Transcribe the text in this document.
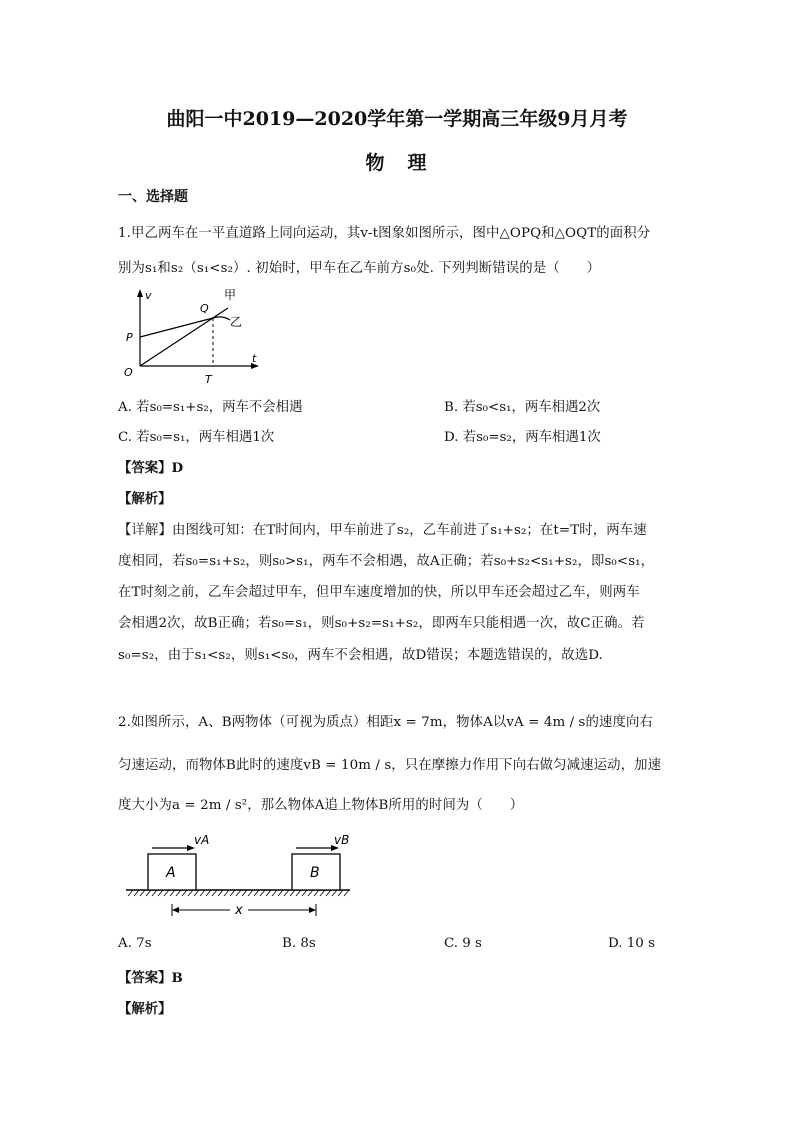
曲阳一中2019—2020学年第一学期高三年级9月月考
物　理
一、选择题
1.甲乙两车在一平直道路上同向运动，其v-t图象如图所示，图中△OPQ和△OQT的面积分
别为s₁和s₂（s₁<s₂）. 初始时，甲车在乙车前方s₀处. 下列判断错误的是（　　）
v
t
P
O
Q
T
甲
乙
A. 若s₀=s₁+s₂，两车不会相遇	B. 若s₀<s₁，两车相遇2次
C. 若s₀=s₁，两车相遇1次	D. 若s₀=s₂，两车相遇1次
【答案】D
【解析】
【详解】由图线可知：在T时间内，甲车前进了s₂，乙车前进了s₁+s₂；在t=T时，两车速
度相同，若s₀=s₁+s₂，则s₀>s₁，两车不会相遇，故A正确；若s₀+s₂<s₁+s₂，即s₀<s₁，
在T时刻之前，乙车会超过甲车，但甲车速度增加的快，所以甲车还会超过乙车，则两车
会相遇2次，故B正确；若s₀=s₁，则s₀+s₂=s₁+s₂，即两车只能相遇一次，故C正确。若
s₀=s₂，由于s₁<s₂，则s₁<s₀，两车不会相遇，故D错误；本题选错误的，故选D.
2.如图所示，A、B两物体（可视为质点）相距x = 7m，物体A以vA = 4m / s的速度向右
匀速运动，而物体B此时的速度vB = 10m / s，只在摩擦力作用下向右做匀减速运动，加速
度大小为a = 2m / s²，那么物体A追上物体B所用的时间为（　　）
A	B
vA	vB
x
A. 7s	B. 8s	C. 9 s	D. 10 s
【答案】B
【解析】
